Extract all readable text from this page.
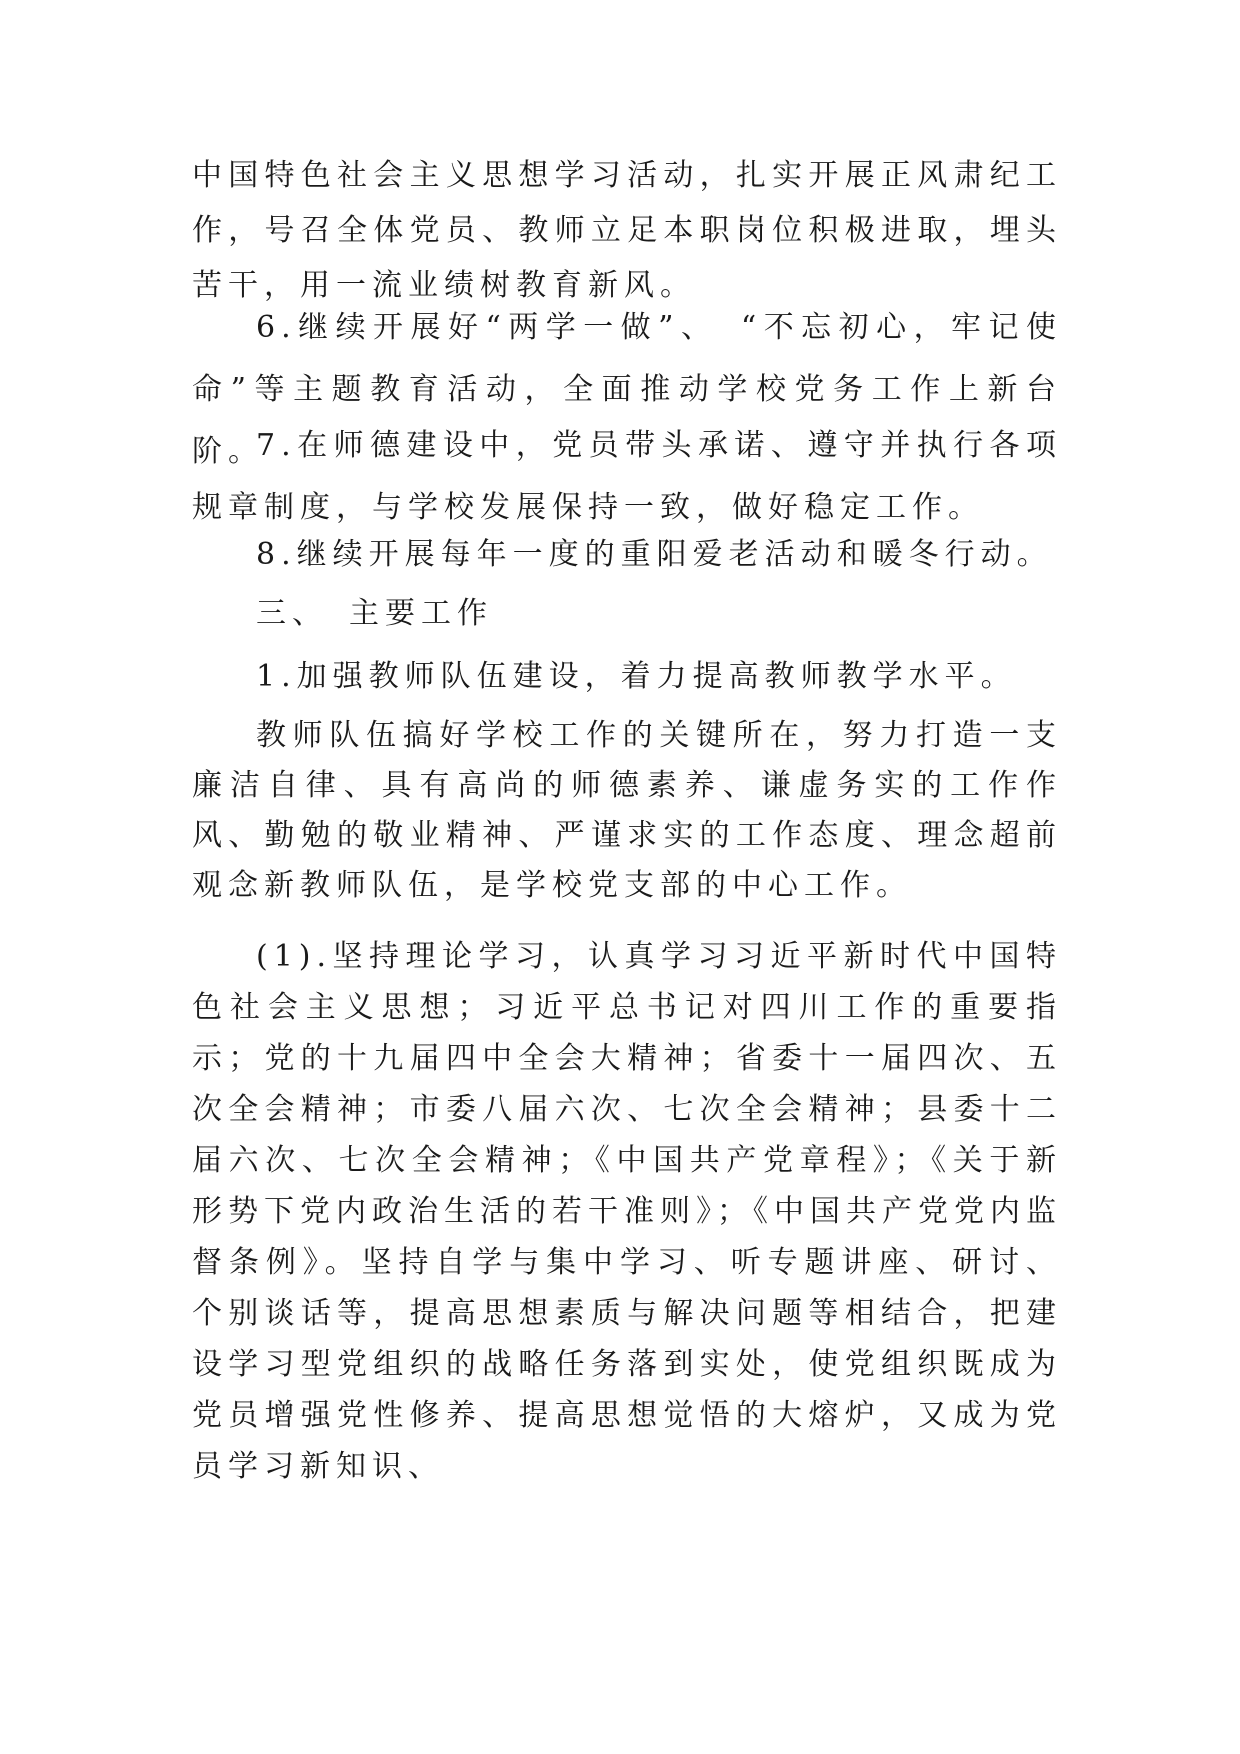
中国特色社会主义思想学习活动，扎实开展正风肃纪工作，号召全体党员、教师立足本职岗位积极进取，埋头苦干，用一流业绩树教育新风。

6.继续开展好“两学一做”、　“不忘初心，牢记使命”等主题教育活动，全面推动学校党务工作上新台阶。

7.在师德建设中，党员带头承诺、遵守并执行各项规章制度，与学校发展保持一致，做好稳定工作。

8.继续开展每年一度的重阳爱老活动和暖冬行动。

三、　主要工作

1.加强教师队伍建设，着力提高教师教学水平。

教师队伍搞好学校工作的关键所在，努力打造一支廉洁自律、具有高尚的师德素养、谦虚务实的工作作风、勤勉的敬业精神、严谨求实的工作态度、理念超前观念新教师队伍，是学校党支部的中心工作。

(1).坚持理论学习，认真学习习近平新时代中国特色社会主义思想；习近平总书记对四川工作的重要指示；党的十九届四中全会大精神；省委十一届四次、五次全会精神；市委八届六次、七次全会精神；县委十二届六次、七次全会精神；《中国共产党章程》；《关于新形势下党内政治生活的若干准则》；《中国共产党党内监督条例》。坚持自学与集中学习、听专题讲座、研讨、个别谈话等，提高思想素质与解决问题等相结合，把建设学习型党组织的战略任务落到实处，使党组织既成为党员增强党性修养、提高思想觉悟的大熔炉，又成为党员学习新知识、
